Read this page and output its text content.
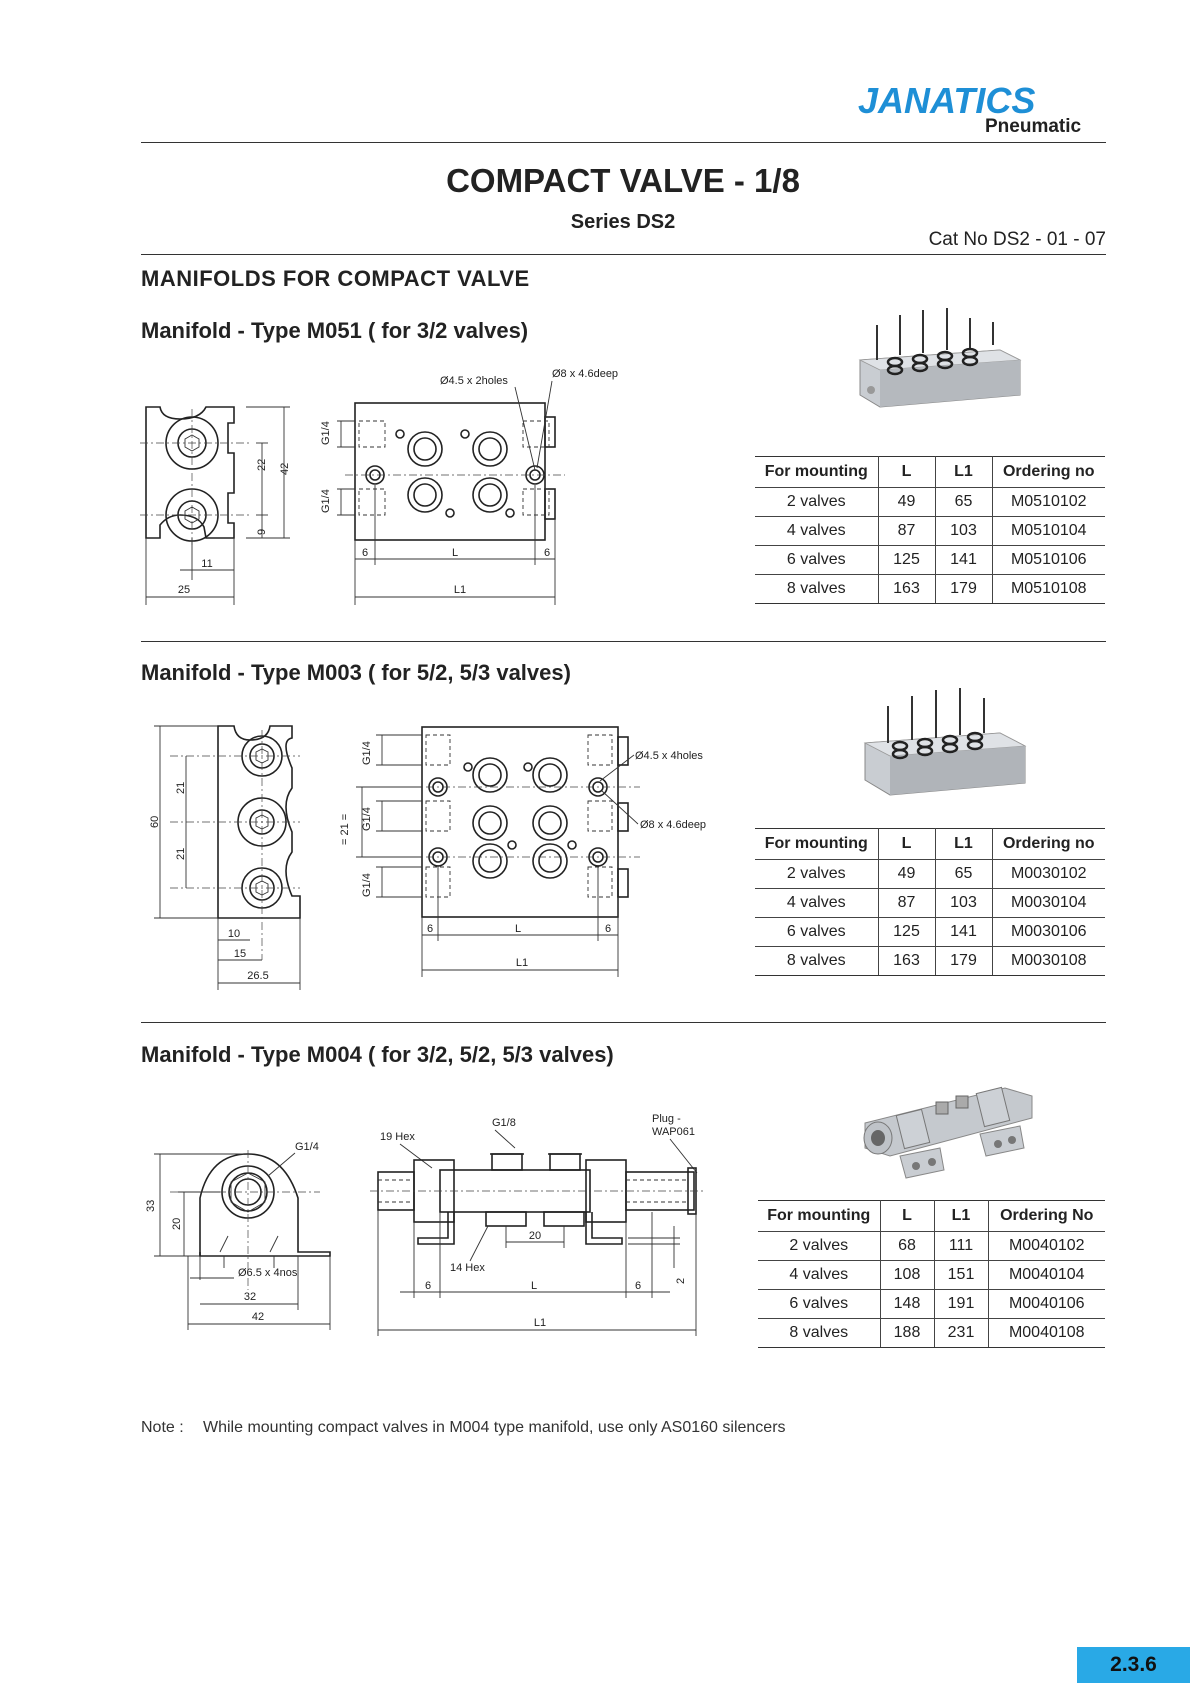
JANATICS
Pneumatic
COMPACT VALVE - 1/8
Series DS2
Cat No DS2 - 01 - 07
MANIFOLDS FOR COMPACT VALVE
Manifold - Type M051 ( for 3/2 valves)
22 42
9
11
25
G1/4
G1/4
Ø4.5 x 2holes
Ø8 x 4.6deep
6	L	6
L1
For mounting	L	L1	Ordering no
2 valves	49	65	M0510102
4 valves	87	103	M0510104
6 valves	125	141	M0510106
8 valves	163	179	M0510108
Manifold - Type M003 ( for 5/2, 5/3 valves)
60
21
21
10
15
26.5
G1/4
G1/4
G1/4
= 21 =
Ø4.5 x 4holes
Ø8 x 4.6deep
6	L	6
L1
For mounting	L	L1	Ordering no
2 valves	49	65	M0030102
4 valves	87	103	M0030104
6 valves	125	141	M0030106
8 valves	163	179	M0030108
Manifold - Type M004 ( for 3/2, 5/2, 5/3 valves)
G1/4
33
20
Ø6.5 x 4nos
32
42
19 Hex
G1/8	Plug -
WAP061
20
14 Hex
2
6	L	6
L1
For mounting	L	L1	Ordering No
2 valves	68	111	M0040102
4 valves	108	151	M0040104
6 valves	148	191	M0040106
8 valves	188	231	M0040108
Note : While mounting compact valves in M004 type manifold, use only AS0160 silencers
2.3.6
